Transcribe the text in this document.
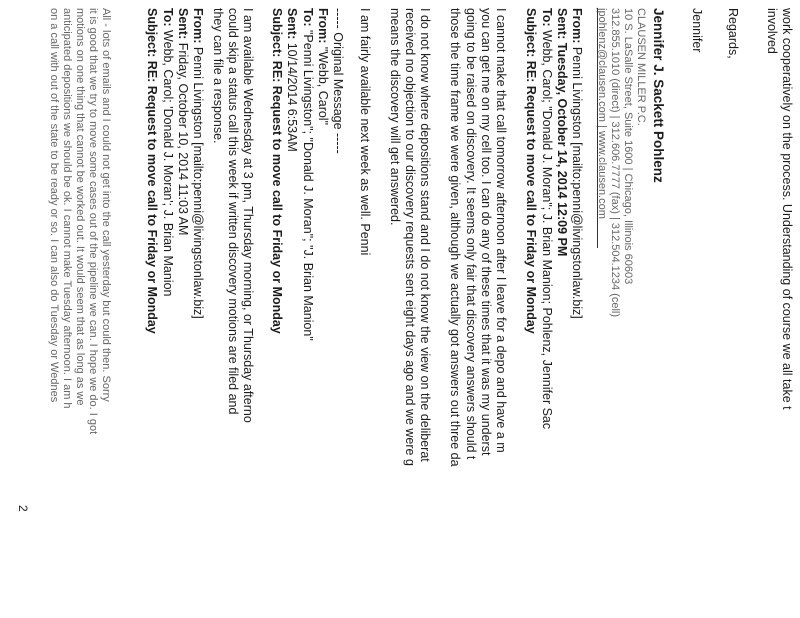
work cooperatively on the process. Understanding of course we all take t
involved
Regards,
Jennifer
Jennifer J. Sackett Pohlenz
CLAUSEN MILLER P.C.
10 S. LaSalle Street, Suite 1600 | Chicago, Illinois 60603
312.855.1010 (direct) | 312.606.7777 (fax) | 312.504.1234 (cell)
jpohlenz@clausen.com | www.clausen.com
From: Penni Livingston [mailto:penni@livingstonlaw.biz]
Sent: Tuesday, October 14, 2014 12:09 PM
To: Webb, Carol; "Donald J. Moran"; J. Brian Manion; Pohlenz, Jennifer Sac
Subject: RE: Request to move call to Friday or Monday
I cannot make that call tomorrow afternoon after I leave for a depo and have a m
you can get me on my cell too. I can do any of these times that it was my underst
going to be raised on discovery. It seems only fair that discovery answers should t
those the time frame we were given, although we actually got answers out three da
I do not know where depositions stand and I do not know the view on the deliberat
received no objection to our discovery requests sent eight days ago and we were g
means the discovery will get answered.
I am fairly available next week as well. Penni
----- Original Message -----
From: "Webb, Carol"
To: "Penni Livingston"; "Donald J. Moran"; "J. Brian Manion"
Sent: 10/14/2014 6:53AM
Subject: RE: Request to move call to Friday or Monday
I am available Wednesday at 3 pm, Thursday morning, or Thursday afterno
could skip a status call this week if written discovery motions are filed and
they can file a response.
From: Penni Livingston [mailto:penni@livingstonlaw.biz]
Sent: Friday, October 10, 2014 11:03 AM
To: Webb, Carol; 'Donald J. Moran'; J. Brian Manion
Subject: RE: Request to move call to Friday or Monday
All - lots of emails and I could not get into the call yesterday but could then. Sorry
it is good that we try to move some cases out of the pipeline we can. I hope we do. I got
motions on one thing that cannot be worked out. It would seem that as long as we
anticipated depositions we should be ok. I cannot make Tuesday afternoon. I am h
on a call with out of the state to be ready or so. I can also do Tuesday or Wednes
2
